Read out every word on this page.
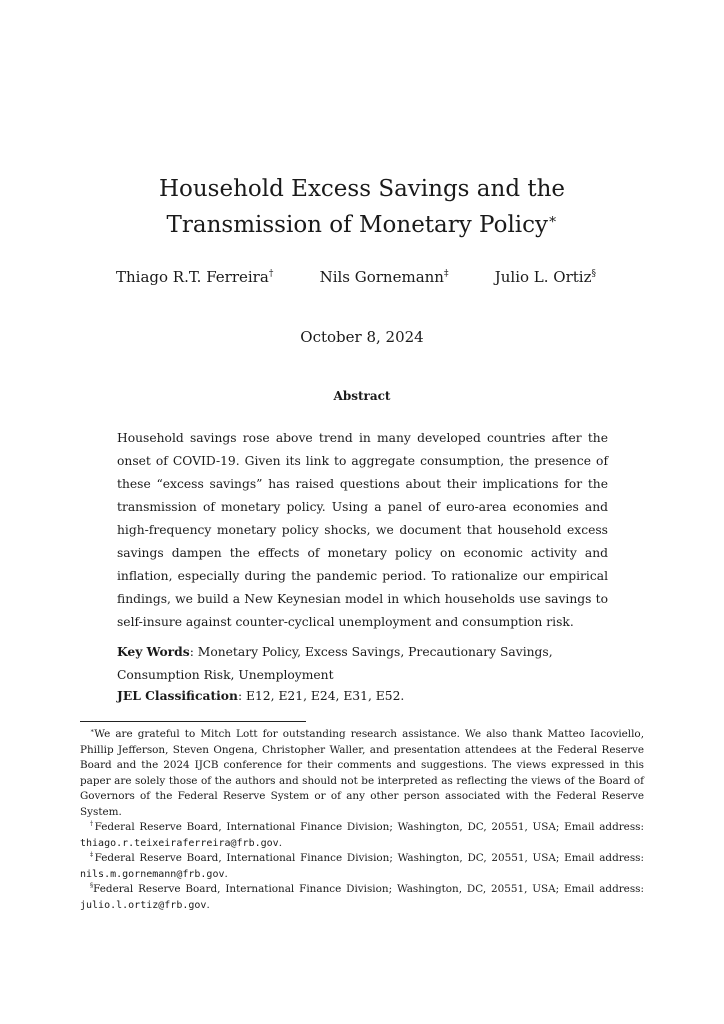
Household Excess Savings and the
Transmission of Monetary Policy∗
Thiago R.T. Ferreira†	Nils Gornemann‡	Julio L. Ortiz§
October 8, 2024
Abstract

Household savings rose above trend in many developed countries after the onset of COVID-19. Given its link to aggregate consumption, the presence of these “excess savings” has raised questions about their implications for the transmission of monetary policy. Using a panel of euro-area economies and high-frequency monetary policy shocks, we document that household excess savings dampen the effects of monetary policy on economic activity and inflation, especially during the pandemic period. To rationalize our empirical findings, we build a New Keynesian model in which households use savings to self-insure against counter-cyclical unemployment and consumption risk.

Key Words: Monetary Policy, Excess Savings, Precautionary Savings, Consumption Risk, Unemployment

JEL Classification: E12, E21, E24, E31, E52.

∗We are grateful to Mitch Lott for outstanding research assistance. We also thank Matteo Iacoviello, Phillip Jefferson, Steven Ongena, Christopher Waller, and presentation attendees at the Federal Reserve Board and the 2024 IJCB conference for their comments and suggestions. The views expressed in this paper are solely those of the authors and should not be interpreted as reflecting the views of the Board of Governors of the Federal Reserve System or of any other person associated with the Federal Reserve System.

†Federal Reserve Board, International Finance Division; Washington, DC, 20551, USA; Email address: thiago.r.teixeiraferreira@frb.gov.

‡Federal Reserve Board, International Finance Division; Washington, DC, 20551, USA; Email address: nils.m.gornemann@frb.gov.

§Federal Reserve Board, International Finance Division; Washington, DC, 20551, USA; Email address: julio.l.ortiz@frb.gov.
